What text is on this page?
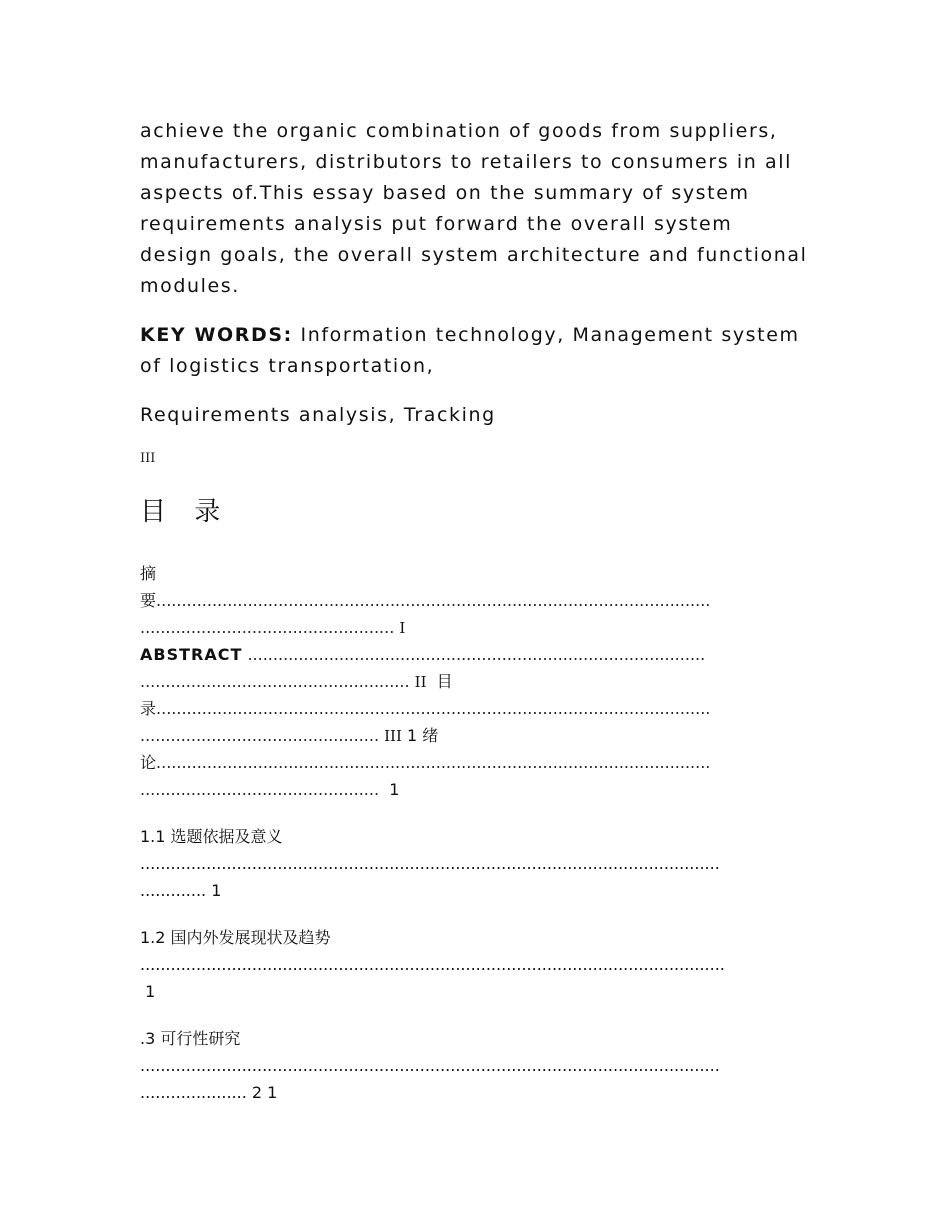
achieve the organic combination of goods from suppliers,
manufacturers, distributors to retailers to consumers in all
aspects of.This essay based on the summary of system
requirements analysis put forward the overall system
design goals, the overall system architecture and functional
modules.

KEY WORDS: Information technology, Management system
of logistics transportation,

Requirements analysis, Tracking

III

目 录
摘
要.............................................................................................................
.................................................. I
ABSTRACT ..........................................................................................
..................................................... II 目
录.............................................................................................................
............................................... III 1 绪
论.............................................................................................................
...............................................  1
1.1 选题依据及意义
..................................................................................................................
............. 1
1.2 国内外发展现状及趋势
...................................................................................................................
1
.3 可行性研究
..................................................................................................................
..................... 2 1
